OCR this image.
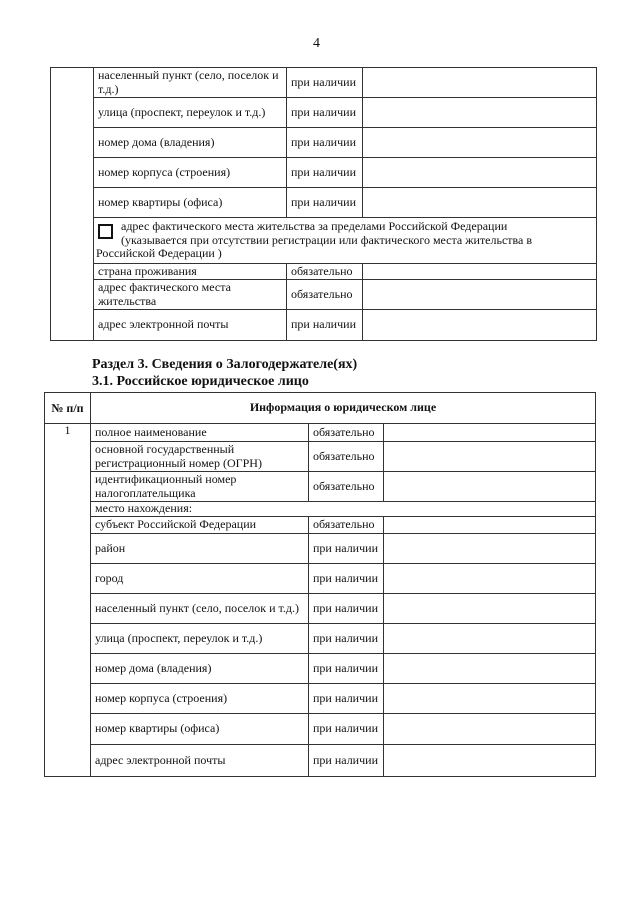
4
	населенный пункт (село, поселок и т.д.)	при наличии	
	улица (проспект, переулок и т.д.)	при наличии	
	номер дома (владения)	при наличии	
	номер корпуса (строения)	при наличии	
	номер квартиры (офиса)	при наличии	

адрес фактического места жительства за пределами Российской Федерации (указывается при отсутствии регистрации или фактического места жительства в Российской Федерации )		
	страна проживания	обязательно	
	адрес фактического места жительства	обязательно	
	адрес электронной почты	при наличии	
Раздел 3. Сведения о Залогодержателе(ях)
3.1. Российское юридическое лицо
№ п/п	Информация о юридическом лице		
1	полное наименование	обязательно	
	основной государственный регистрационный номер (ОГРН)	обязательно	
	идентификационный номер налогоплательщика	обязательно	
	место нахождения:		
	субъект Российской Федерации	обязательно	
	район	при наличии	
	город	при наличии	
	населенный пункт (село, поселок и т.д.)	при наличии	
	улица (проспект, переулок и т.д.)	при наличии	
	номер дома (владения)	при наличии	
	номер корпуса (строения)	при наличии	
	номер квартиры (офиса)	при наличии	
	адрес электронной почты	при наличии	
